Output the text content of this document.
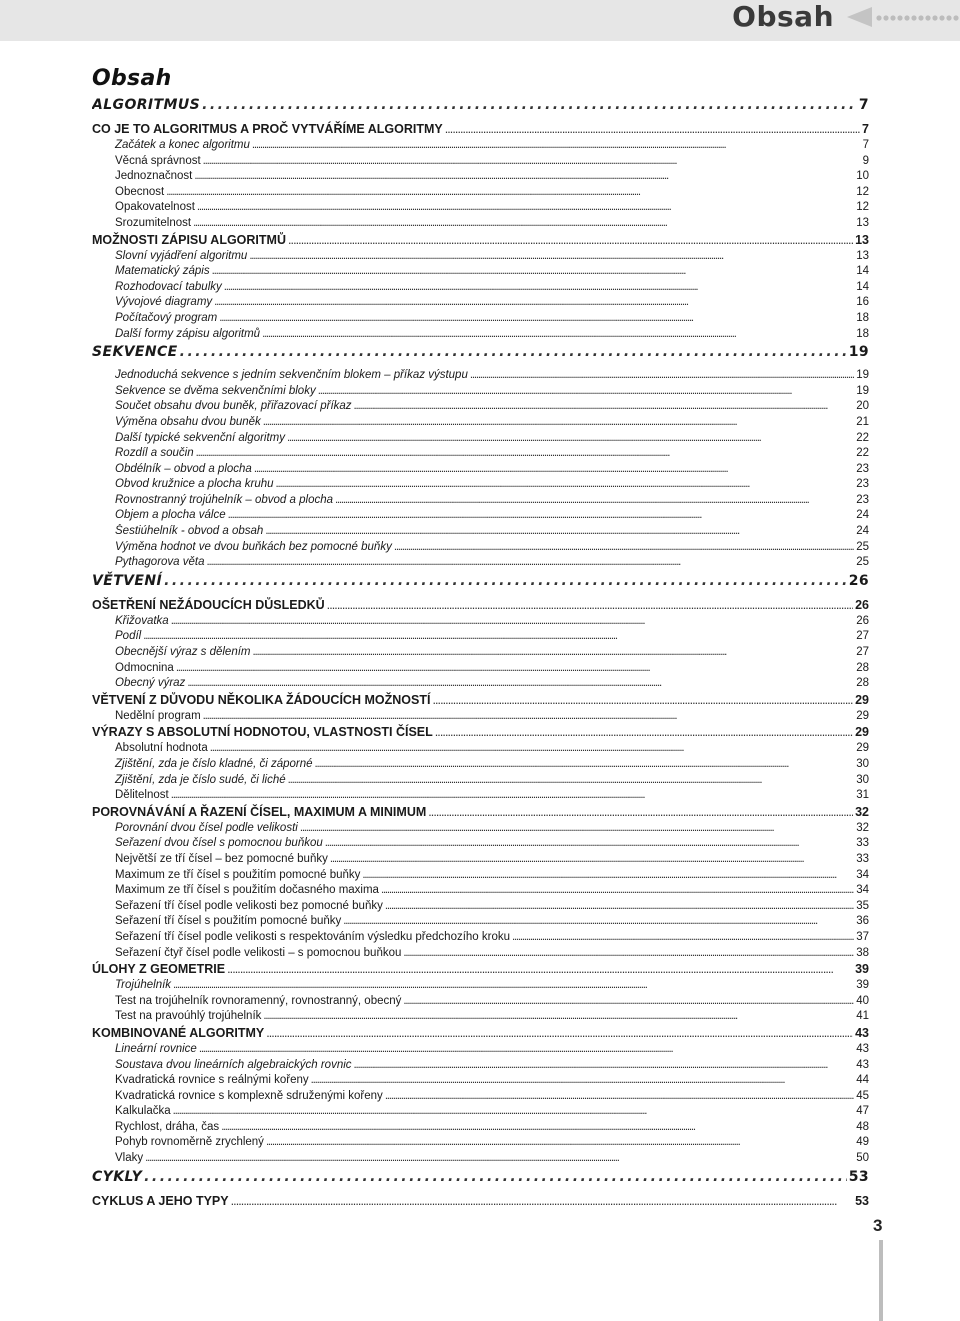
Obsah
Obsah
ALGORITMUS . . .	7
CO JE TO ALGORITMUS A PROČ VYTVÁŘÍME ALGORITMY . . .	7
Začátek a konec algoritmu . . .	7
Věcná správnost . . .	9
Jednoznačnost . . .	10
Obecnost . . .	12
Opakovatelnost . . .	12
Srozumitelnost . . .	13
MOŽNOSTI ZÁPISU ALGORITMŮ . . .	13
Slovní vyjádření algoritmu . . .	13
Matematický zápis . . .	14
Rozhodovací tabulky . . .	14
Vývojové diagramy . . .	16
Počítačový program . . .	18
Další formy zápisu algoritmů . . .	18
SEKVENCE . . .	19
Jednoduchá sekvence s jedním sekvenčním blokem – příkaz výstupu . . .	19
Sekvence se dvěma sekvenčními bloky . . .	19
Součet obsahu dvou buněk, přiřazovací příkaz . . .	20
Výměna obsahu dvou buněk . . .	21
Další typické sekvenční algoritmy . . .	22
Rozdíl a součin . . .	22
Obdélník – obvod a plocha . . .	23
Obvod kružnice a plocha kruhu . . .	23
Rovnostranný trojúhelník – obvod a plocha . . .	23
Objem a plocha válce . . .	24
Šestiúhelník - obvod a obsah . . .	24
Výměna hodnot ve dvou buňkách bez pomocné buňky . . .	25
Pythagorova věta . . .	25
VĚTVENÍ . . .	26
OŠETŘENÍ NEŽÁDOUCÍCH DŮSLEDKŮ . . .	26
Křižovatka . . .	26
Podíl . . .	27
Obecnější výraz s dělením . . .	27
Odmocnina . . .	28
Obecný výraz . . .	28
VĚTVENÍ Z DŮVODU NĚKOLIKA ŽÁDOUCÍCH MOŽNOSTÍ . . .	29
Nedělní program . . .	29
VÝRAZY S ABSOLUTNÍ HODNOTOU, VLASTNOSTI ČÍSEL . . .	29
Absolutní hodnota . . .	29
Zjištění, zda je číslo kladné, či záporné . . .	30
Zjištění, zda je číslo sudé, či liché . . .	30
Dělitelnost . . .	31
POROVNÁVÁNÍ A ŘAZENÍ ČÍSEL, MAXIMUM A MINIMUM . . .	32
Porovnání dvou čísel podle velikosti . . .	32
Seřazení dvou čísel s pomocnou buňkou . . .	33
Největší ze tří čísel – bez pomocné buňky . . .	33
Maximum ze tří čísel s použitím pomocné buňky . . .	34
Maximum ze tří čísel s použitím dočasného maxima . . .	34
Seřazení tří čísel podle velikosti bez pomocné buňky . . .	35
Seřazení tří čísel s použitím pomocné buňky . . .	36
Seřazení tří čísel podle velikosti s respektováním výsledku předchozího kroku . . .	37
Seřazení čtyř čísel podle velikosti – s pomocnou buňkou . . .	38
ÚLOHY Z GEOMETRIE . . .	39
Trojúhelník . . .	39
Test na trojúhelník rovnoramenný, rovnostranný, obecný . . .	40
Test na pravoúhlý trojúhelník . . .	41
KOMBINOVANÉ ALGORITMY . . .	43
Lineární rovnice . . .	43
Soustava dvou lineárních algebraických rovnic . . .	43
Kvadratická rovnice s reálnými kořeny . . .	44
Kvadratická rovnice s komplexně sdruženými kořeny . . .	45
Kalkulačka . . .	47
Rychlost, dráha, čas . . .	48
Pohyb rovnoměrně zrychlený . . .	49
Vlaky . . .	50
CYKLY . . .	53
CYKLUS A JEHO TYPY . . .	53
3
